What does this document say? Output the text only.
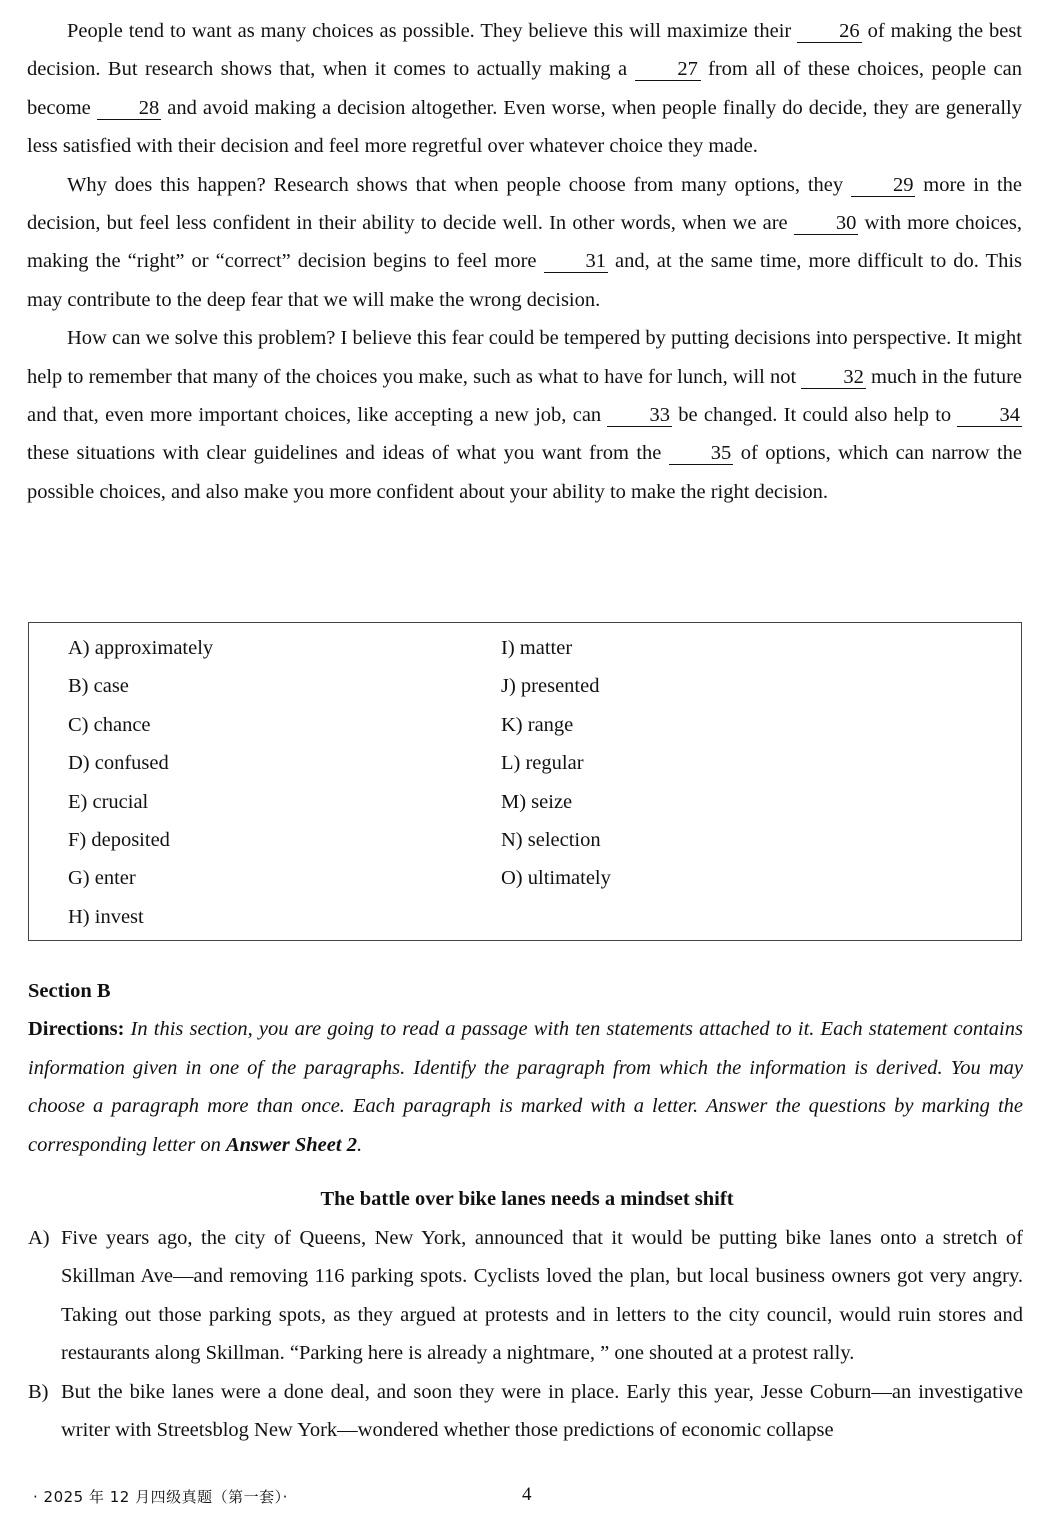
People tend to want as many choices as possible. They believe this will maximize their 26 of making the best decision. But research shows that, when it comes to actually making a 27 from all of these choices, people can become 28 and avoid making a decision altogether. Even worse, when people finally do decide, they are generally less satisfied with their decision and feel more regretful over whatever choice they made.

Why does this happen? Research shows that when people choose from many options, they 29 more in the decision, but feel less confident in their ability to decide well. In other words, when we are 30 with more choices, making the “right” or “correct” decision begins to feel more 31 and, at the same time, more difficult to do. This may contribute to the deep fear that we will make the wrong decision.

How can we solve this problem? I believe this fear could be tempered by putting decisions into perspective. It might help to remember that many of the choices you make, such as what to have for lunch, will not 32 much in the future and that, even more important choices, like accepting a new job, can 33 be changed. It could also help to 34 these situations with clear guidelines and ideas of what you want from the 35 of options, which can narrow the possible choices, and also make you more confident about your ability to make the right decision.

A) approximately
B) case
C) chance
D) confused
E) crucial
F) deposited
G) enter
H) invest
I) matter
J) presented
K) range
L) regular
M) seize
N) selection
O) ultimately
Section B
Directions: In this section, you are going to read a passage with ten statements attached to it. Each statement contains information given in one of the paragraphs. Identify the paragraph from which the information is derived. You may choose a paragraph more than once. Each paragraph is marked with a letter. Answer the questions by marking the corresponding letter on Answer Sheet 2.
The battle over bike lanes needs a mindset shift
A) Five years ago, the city of Queens, New York, announced that it would be putting bike lanes onto a stretch of Skillman Ave—and removing 116 parking spots. Cyclists loved the plan, but local business owners got very angry. Taking out those parking spots, as they argued at protests and in letters to the city council, would ruin stores and restaurants along Skillman. “Parking here is already a nightmare, ” one shouted at a protest rally.
B) But the bike lanes were a done deal, and soon they were in place. Early this year, Jesse Coburn—an investigative writer with Streetsblog New York—wondered whether those predictions of economic collapse
· 2025 年 12 月四级真题（第一套）·	4
